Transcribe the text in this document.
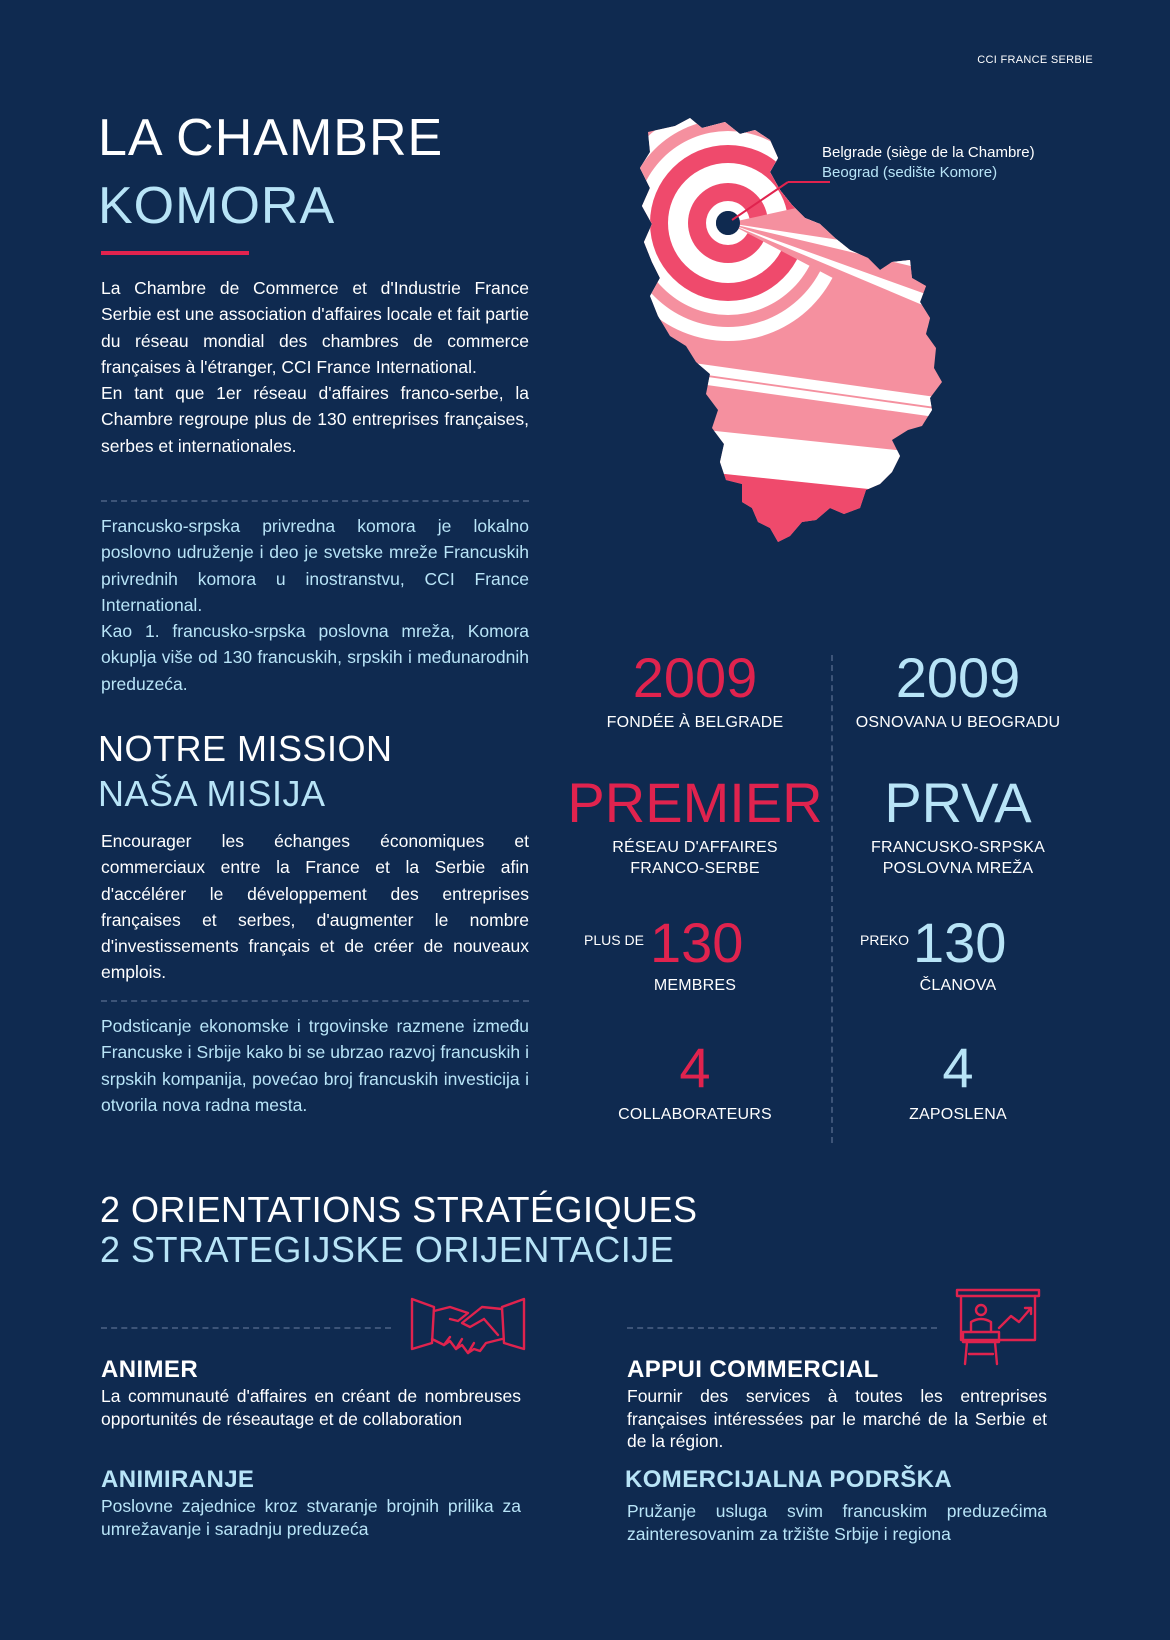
CCI FRANCE SERBIE
LA CHAMBRE
KOMORA

La Chambre de Commerce et d'Industrie France Serbie est une association d'affaires locale et fait partie du réseau mondial des chambres de commerce françaises à l'étranger, CCI France International.

En tant que 1er réseau d'affaires franco-serbe, la Chambre regroupe plus de 130 entreprises françaises, serbes et internationales.

Francusko-srpska privredna komora je lokalno poslovno udruženje i deo je svetske mreže Francuskih privrednih komora u inostranstvu, CCI France International.

Kao 1. francusko-srpska poslovna mreža, Komora okuplja više od 130 francuskih, srpskih i međunarodnih preduzeća.

Belgrade (siège de la Chambre)
Beograd (sedište Komore)
NOTRE MISSION
NAŠA MISIJA
Encourager les échanges économiques et commerciaux entre la France et la Serbie afin d'accélérer le développement des entreprises françaises et serbes, d'augmenter le nombre d'investissements français et de créer de nouveaux emplois.
Podsticanje ekonomske i trgovinske razmene između Francuske i Srbije kako bi se ubrzao razvoj francuskih i srpskih kompanija, povećao broj francuskih investicija i otvorila nova radna mesta.
2009
FONDÉE À BELGRADE
2009
OSNOVANA U BEOGRADU
PREMIER
RÉSEAU D'AFFAIRES
FRANCO-SERBE
PRVA
FRANCUSKO-SRPSKA
POSLOVNA MREŽA
PLUS DE 130
MEMBRES
PREKO 130
ČLANOVA
4
COLLABORATEURS
4
ZAPOSLENA
2 ORIENTATIONS STRATÉGIQUES
2 STRATEGIJSKE ORIJENTACIJE
ANIMER
La communauté d'affaires en créant de nombreuses opportunités de réseautage et de collaboration
ANIMIRANJE
Poslovne zajednice kroz stvaranje brojnih prilika za umrežavanje i saradnju preduzeća
APPUI COMMERCIAL
Fournir des services à toutes les entreprises françaises intéressées par le marché de la Serbie et de la région.
KOMERCIJALNA PODRŠKA
Pružanje usluga svim francuskim preduzećima zainteresovanim za tržište Srbije i regiona
